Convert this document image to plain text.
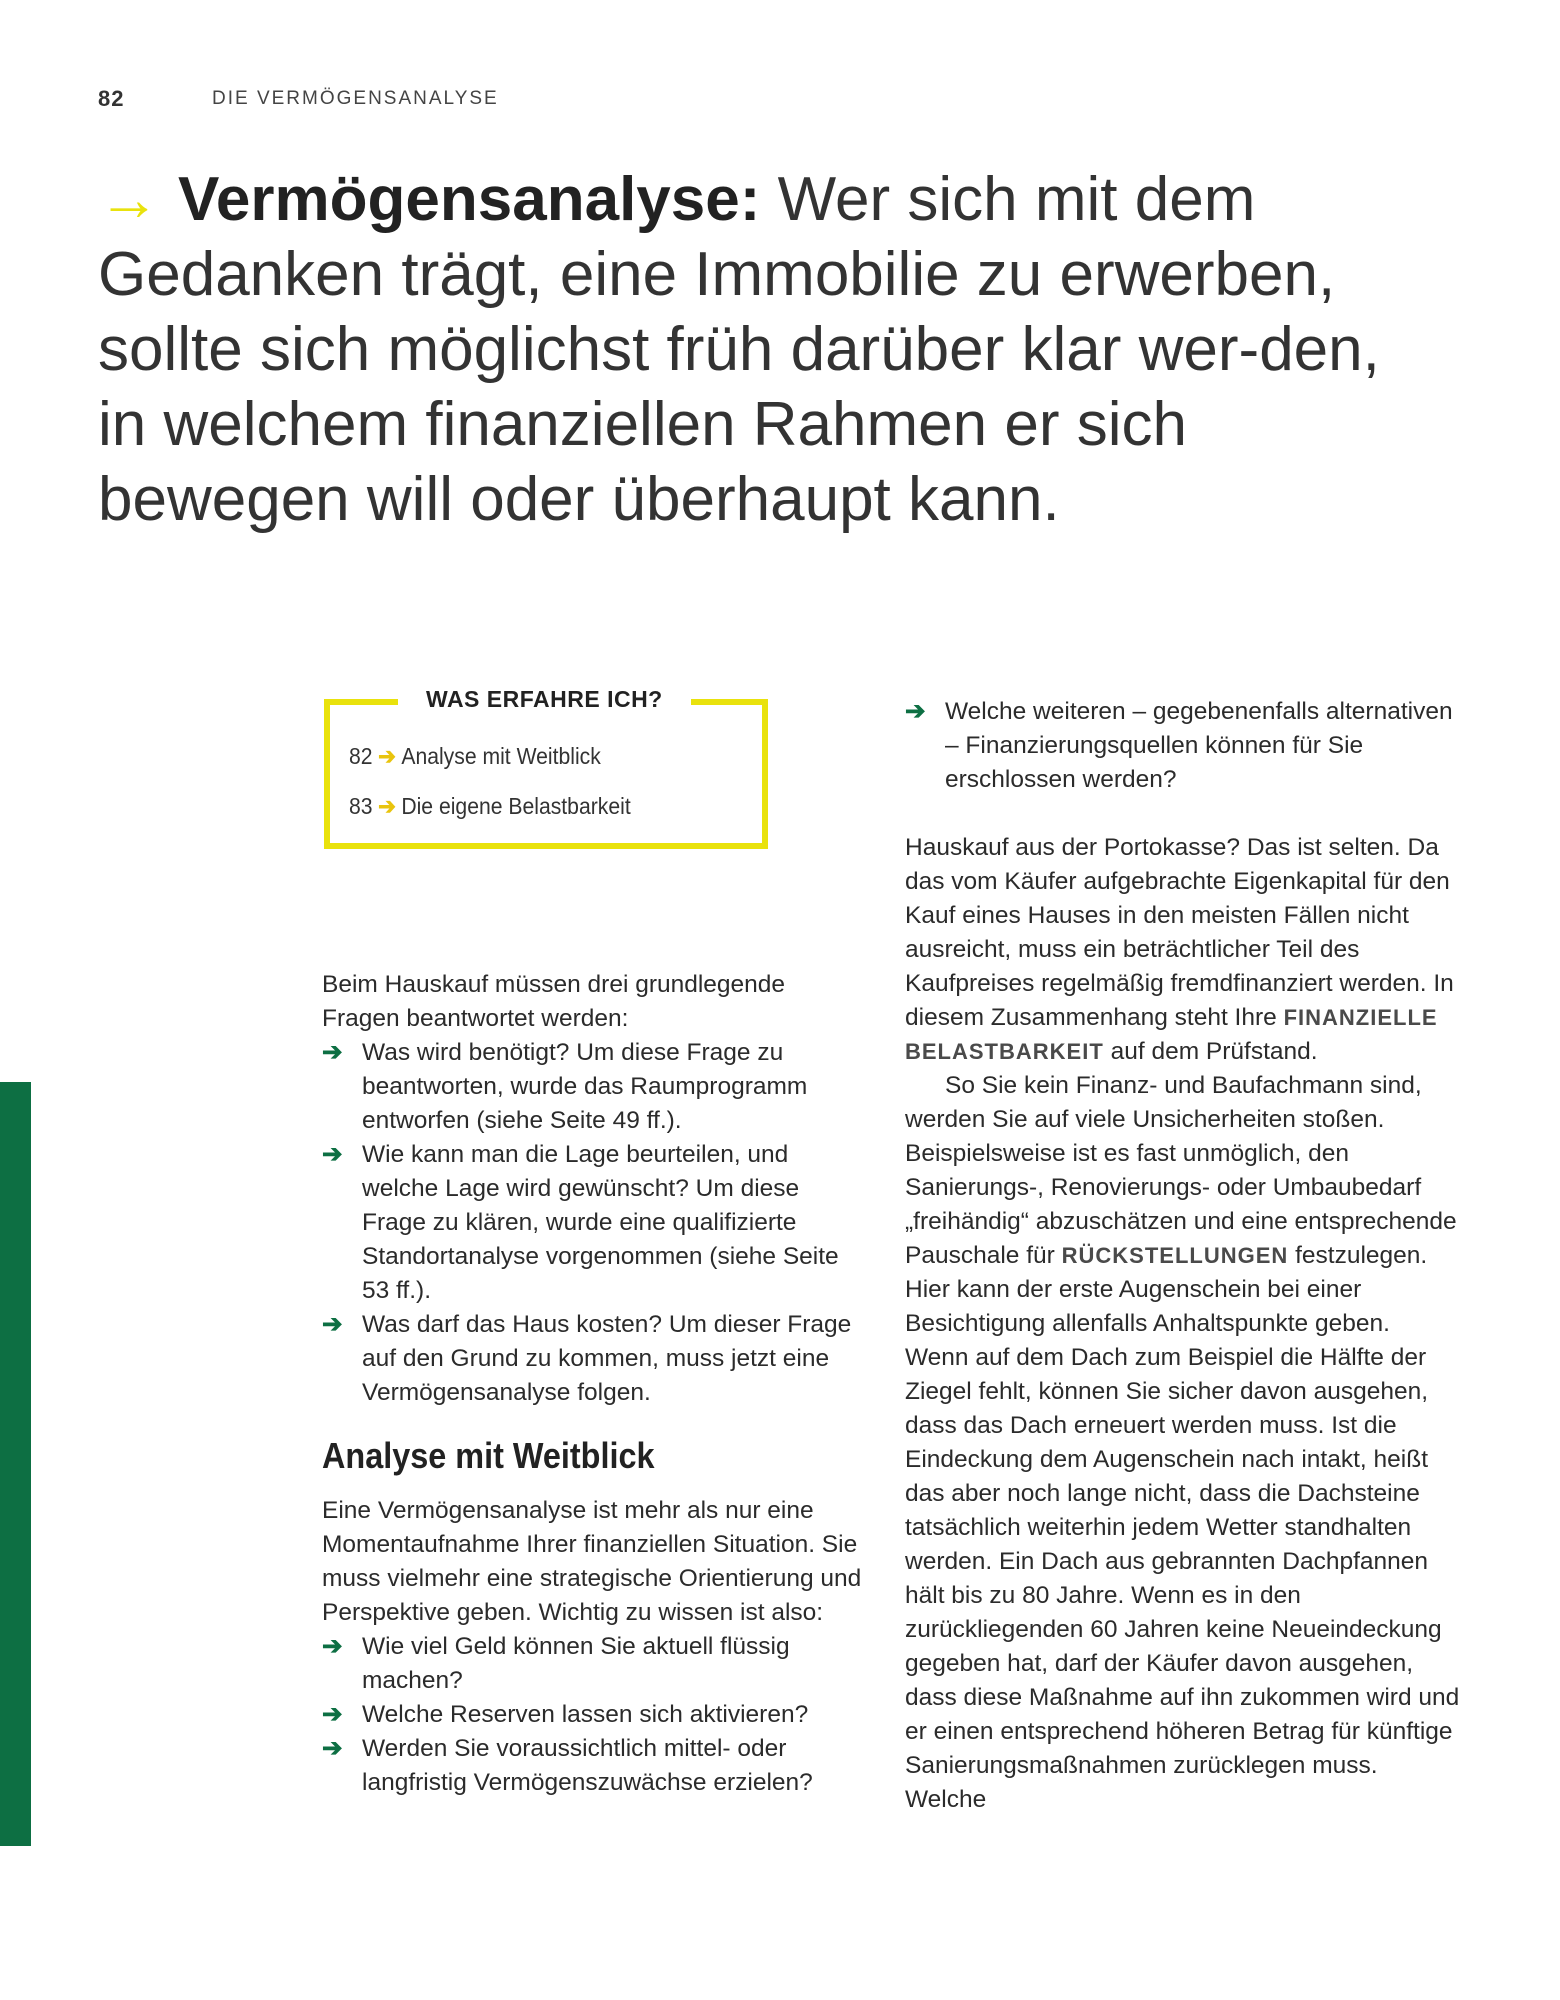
82	DIE VERMÖGENSANALYSE
→ Vermögensanalyse: Wer sich mit dem Gedanken trägt, eine Immobilie zu erwerben, sollte sich möglichst früh darüber klar wer-den, in welchem finanziellen Rahmen er sich bewegen will oder überhaupt kann.
WAS ERFAHRE ICH?
82 ➔ Analyse mit Weitblick
83 ➔ Die eigene Belastbarkeit

Beim Hauskauf müssen drei grundlegende Fragen beantwortet werden:

➔ Was wird benötigt? Um diese Frage zu beantworten, wurde das Raumprogramm entworfen (siehe Seite 49 ff.).
➔ Wie kann man die Lage beurteilen, und welche Lage wird gewünscht? Um diese Frage zu klären, wurde eine qualifizierte Standortanalyse vorgenommen (siehe Seite 53 ff.).
➔ Was darf das Haus kosten? Um dieser Frage auf den Grund zu kommen, muss jetzt eine Vermögensanalyse folgen.
Analyse mit Weitblick

Eine Vermögensanalyse ist mehr als nur eine Momentaufnahme Ihrer finanziellen Situation. Sie muss vielmehr eine strategische Orientierung und Perspektive geben. Wichtig zu wissen ist also:

➔ Wie viel Geld können Sie aktuell flüssig machen?
➔ Welche Reserven lassen sich aktivieren?
➔ Werden Sie voraussichtlich mittel- oder langfristig Vermögenszuwächse erzielen?
➔ Welche weiteren – gegebenenfalls alternativen – Finanzierungsquellen können für Sie erschlossen werden?

Hauskauf aus der Portokasse? Das ist selten. Da das vom Käufer aufgebrachte Eigenkapital für den Kauf eines Hauses in den meisten Fällen nicht ausreicht, muss ein beträchtlicher Teil des Kaufpreises regelmäßig fremdfinanziert werden. In diesem Zusammenhang steht Ihre FINANZIELLE BELASTBARKEIT auf dem Prüfstand.

So Sie kein Finanz- und Baufachmann sind, werden Sie auf viele Unsicherheiten stoßen. Beispielsweise ist es fast unmöglich, den Sanierungs-, Renovierungs- oder Umbaubedarf „freihändig“ abzuschätzen und eine entsprechende Pauschale für RÜCKSTELLUNGEN festzulegen. Hier kann der erste Augenschein bei einer Besichtigung allenfalls Anhaltspunkte geben. Wenn auf dem Dach zum Beispiel die Hälfte der Ziegel fehlt, können Sie sicher davon ausgehen, dass das Dach erneuert werden muss. Ist die Eindeckung dem Augenschein nach intakt, heißt das aber noch lange nicht, dass die Dachsteine tatsächlich weiterhin jedem Wetter standhalten werden. Ein Dach aus gebrannten Dachpfannen hält bis zu 80 Jahre. Wenn es in den zurückliegenden 60 Jahren keine Neueindeckung gegeben hat, darf der Käufer davon ausgehen, dass diese Maßnahme auf ihn zukommen wird und er einen entsprechend höheren Betrag für künftige Sanierungsmaßnahmen zurücklegen muss. Welche
